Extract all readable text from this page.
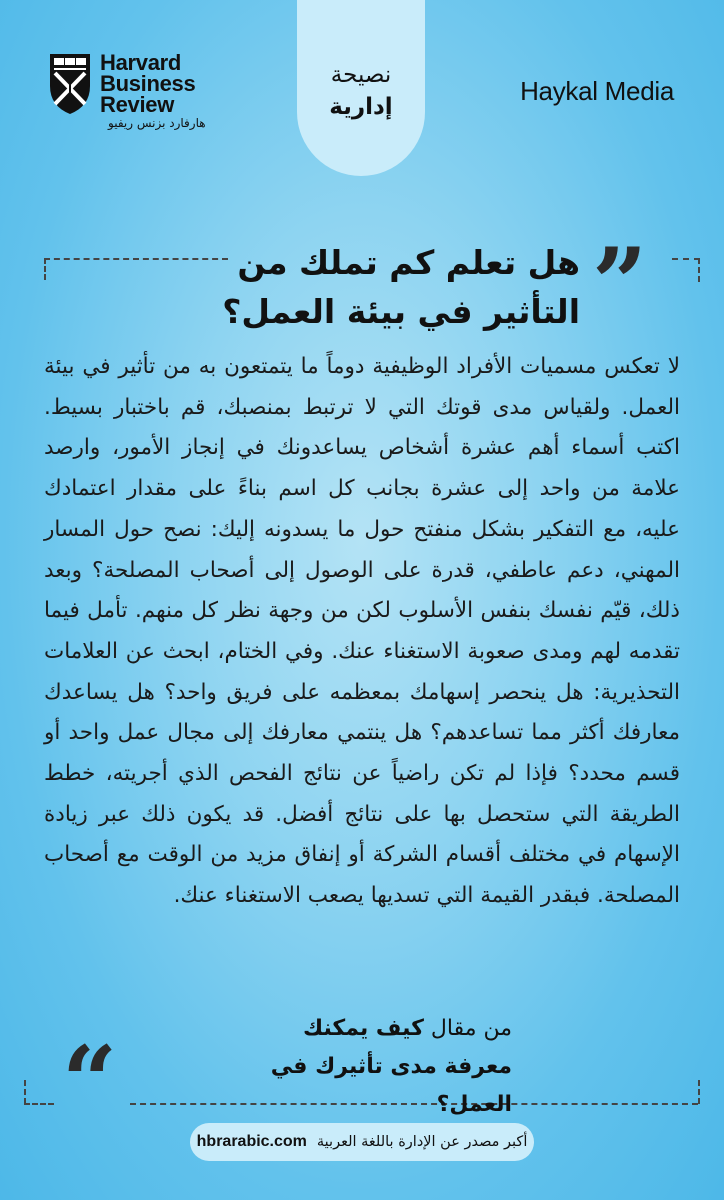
Harvard
Business
Review
هارفارد بزنس ريفيو
نصيحة
إدارية
Haykal Media
”
“
هل تعلم كم تملك من التأثير في بيئة العمل؟
لا تعكس مسميات الأفراد الوظيفية دوماً ما يتمتعون به من تأثير في بيئة العمل. ولقياس مدى قوتك التي لا ترتبط بمنصبك، قم باختبار بسيط. اكتب أسماء أهم عشرة أشخاص يساعدونك في إنجاز الأمور، وارصد علامة من واحد إلى عشرة بجانب كل اسم بناءً على مقدار اعتمادك عليه، مع التفكير بشكل منفتح حول ما يسدونه إليك: نصح حول المسار المهني، دعم عاطفي، قدرة على الوصول إلى أصحاب المصلحة؟ وبعد ذلك، قيّم نفسك بنفس الأسلوب لكن من وجهة نظر كل منهم. تأمل فيما تقدمه لهم ومدى صعوبة الاستغناء عنك. وفي الختام، ابحث عن العلامات التحذيرية: هل ينحصر إسهامك بمعظمه على فريق واحد؟ هل يساعدك معارفك أكثر مما تساعدهم؟ هل ينتمي معارفك إلى مجال عمل واحد أو قسم محدد؟ فإذا لم تكن راضياً عن نتائج الفحص الذي أجريته، خطط الطريقة التي ستحصل بها على نتائج أفضل. قد يكون ذلك عبر زيادة الإسهام في مختلف أقسام الشركة أو إنفاق مزيد من الوقت مع أصحاب المصلحة. فبقدر القيمة التي تسديها يصعب الاستغناء عنك.
من مقال كيف يمكنك معرفة مدى تأثيرك في العمل؟
hbrarabic.com أكبر مصدر عن الإدارة باللغة العربية
